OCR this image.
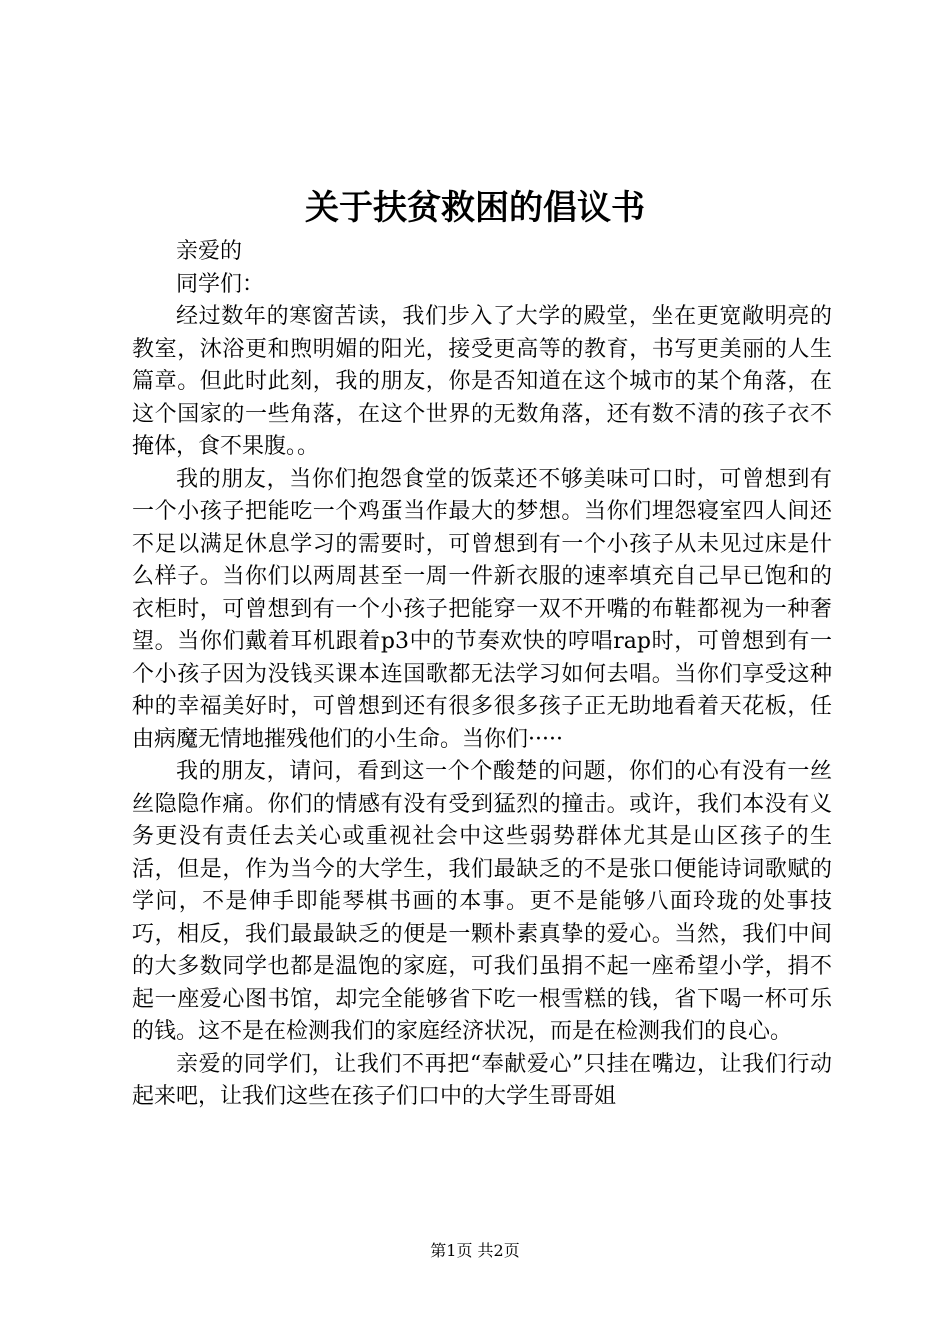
关于扶贫救困的倡议书

亲爱的

同学们：

经过数年的寒窗苦读，我们步入了大学的殿堂，坐在更宽敞明亮的教室，沐浴更和煦明媚的阳光，接受更高等的教育，书写更美丽的人生篇章。但此时此刻，我的朋友，你是否知道在这个城市的某个角落，在这个国家的一些角落，在这个世界的无数角落，还有数不清的孩子衣不掩体，食不果腹。。

我的朋友，当你们抱怨食堂的饭菜还不够美味可口时，可曾想到有一个小孩子把能吃一个鸡蛋当作最大的梦想。当你们埋怨寝室四人间还不足以满足休息学习的需要时，可曾想到有一个小孩子从未见过床是什么样子。当你们以两周甚至一周一件新衣服的速率填充自己早已饱和的衣柜时，可曾想到有一个小孩子把能穿一双不开嘴的布鞋都视为一种奢望。当你们戴着耳机跟着p3中的节奏欢快的哼唱rap时，可曾想到有一个小孩子因为没钱买课本连国歌都无法学习如何去唱。当你们享受这种种的幸福美好时，可曾想到还有很多很多孩子正无助地看着天花板，任由病魔无情地摧残他们的小生命。当你们·····

我的朋友，请问，看到这一个个酸楚的问题，你们的心有没有一丝丝隐隐作痛。你们的情感有没有受到猛烈的撞击。或许，我们本没有义务更没有责任去关心或重视社会中这些弱势群体尤其是山区孩子的生活，但是，作为当今的大学生，我们最缺乏的不是张口便能诗词歌赋的学问，不是伸手即能琴棋书画的本事。更不是能够八面玲珑的处事技巧，相反，我们最最缺乏的便是一颗朴素真挚的爱心。当然，我们中间的大多数同学也都是温饱的家庭，可我们虽捐不起一座希望小学，捐不起一座爱心图书馆，却完全能够省下吃一根雪糕的钱，省下喝一杯可乐的钱。这不是在检测我们的家庭经济状况，而是在检测我们的良心。

亲爱的同学们，让我们不再把“奉献爱心”只挂在嘴边，让我们行动起来吧，让我们这些在孩子们口中的大学生哥哥姐

第1页 共2页
